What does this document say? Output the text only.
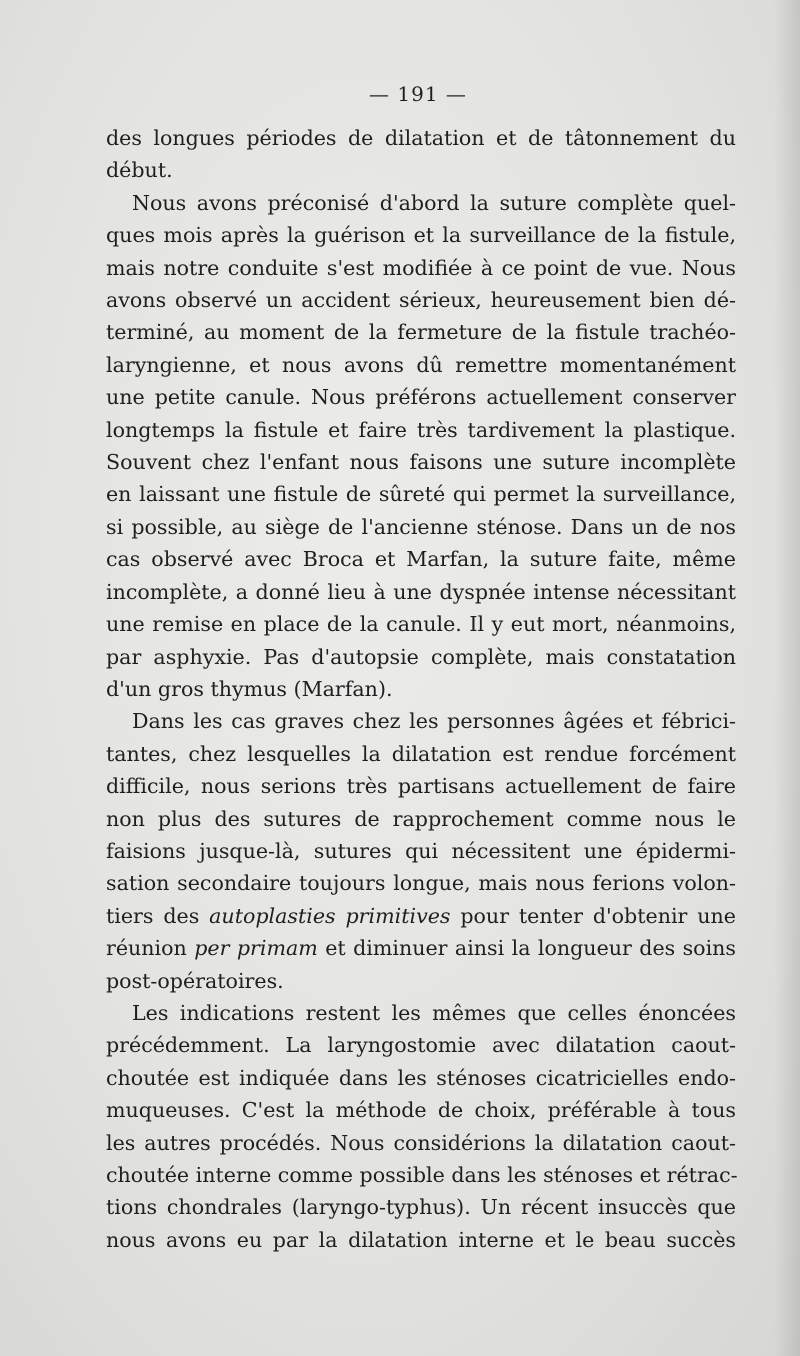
— 191 —
des longues périodes de dilatation et de tâtonnement du
début.
Nous avons préconisé d'abord la suture complète quel-
ques mois après la guérison et la surveillance de la fistule,
mais notre conduite s'est modifiée à ce point de vue. Nous
avons observé un accident sérieux, heureusement bien dé-
terminé, au moment de la fermeture de la fistule trachéo-
laryngienne, et nous avons dû remettre momentanément
une petite canule. Nous préférons actuellement conserver
longtemps la fistule et faire très tardivement la plastique.
Souvent chez l'enfant nous faisons une suture incomplète
en laissant une fistule de sûreté qui permet la surveillance,
si possible, au siège de l'ancienne sténose. Dans un de nos
cas observé avec Broca et Marfan, la suture faite, même
incomplète, a donné lieu à une dyspnée intense nécessitant
une remise en place de la canule. Il y eut mort, néanmoins,
par asphyxie. Pas d'autopsie complète, mais constatation
d'un gros thymus (Marfan).
Dans les cas graves chez les personnes âgées et fébrici-
tantes, chez lesquelles la dilatation est rendue forcément
difficile, nous serions très partisans actuellement de faire
non plus des sutures de rapprochement comme nous le
faisions jusque-là, sutures qui nécessitent une épidermi-
sation secondaire toujours longue, mais nous ferions volon-
tiers des autoplasties primitives pour tenter d'obtenir une
réunion per primam et diminuer ainsi la longueur des soins
post-opératoires.
Les indications restent les mêmes que celles énoncées
précédemment. La laryngostomie avec dilatation caout-
choutée est indiquée dans les sténoses cicatricielles endo-
muqueuses. C'est la méthode de choix, préférable à tous
les autres procédés. Nous considérions la dilatation caout-
choutée interne comme possible dans les sténoses et rétrac-
tions chondrales (laryngo-typhus). Un récent insuccès que
nous avons eu par la dilatation interne et le beau succès
